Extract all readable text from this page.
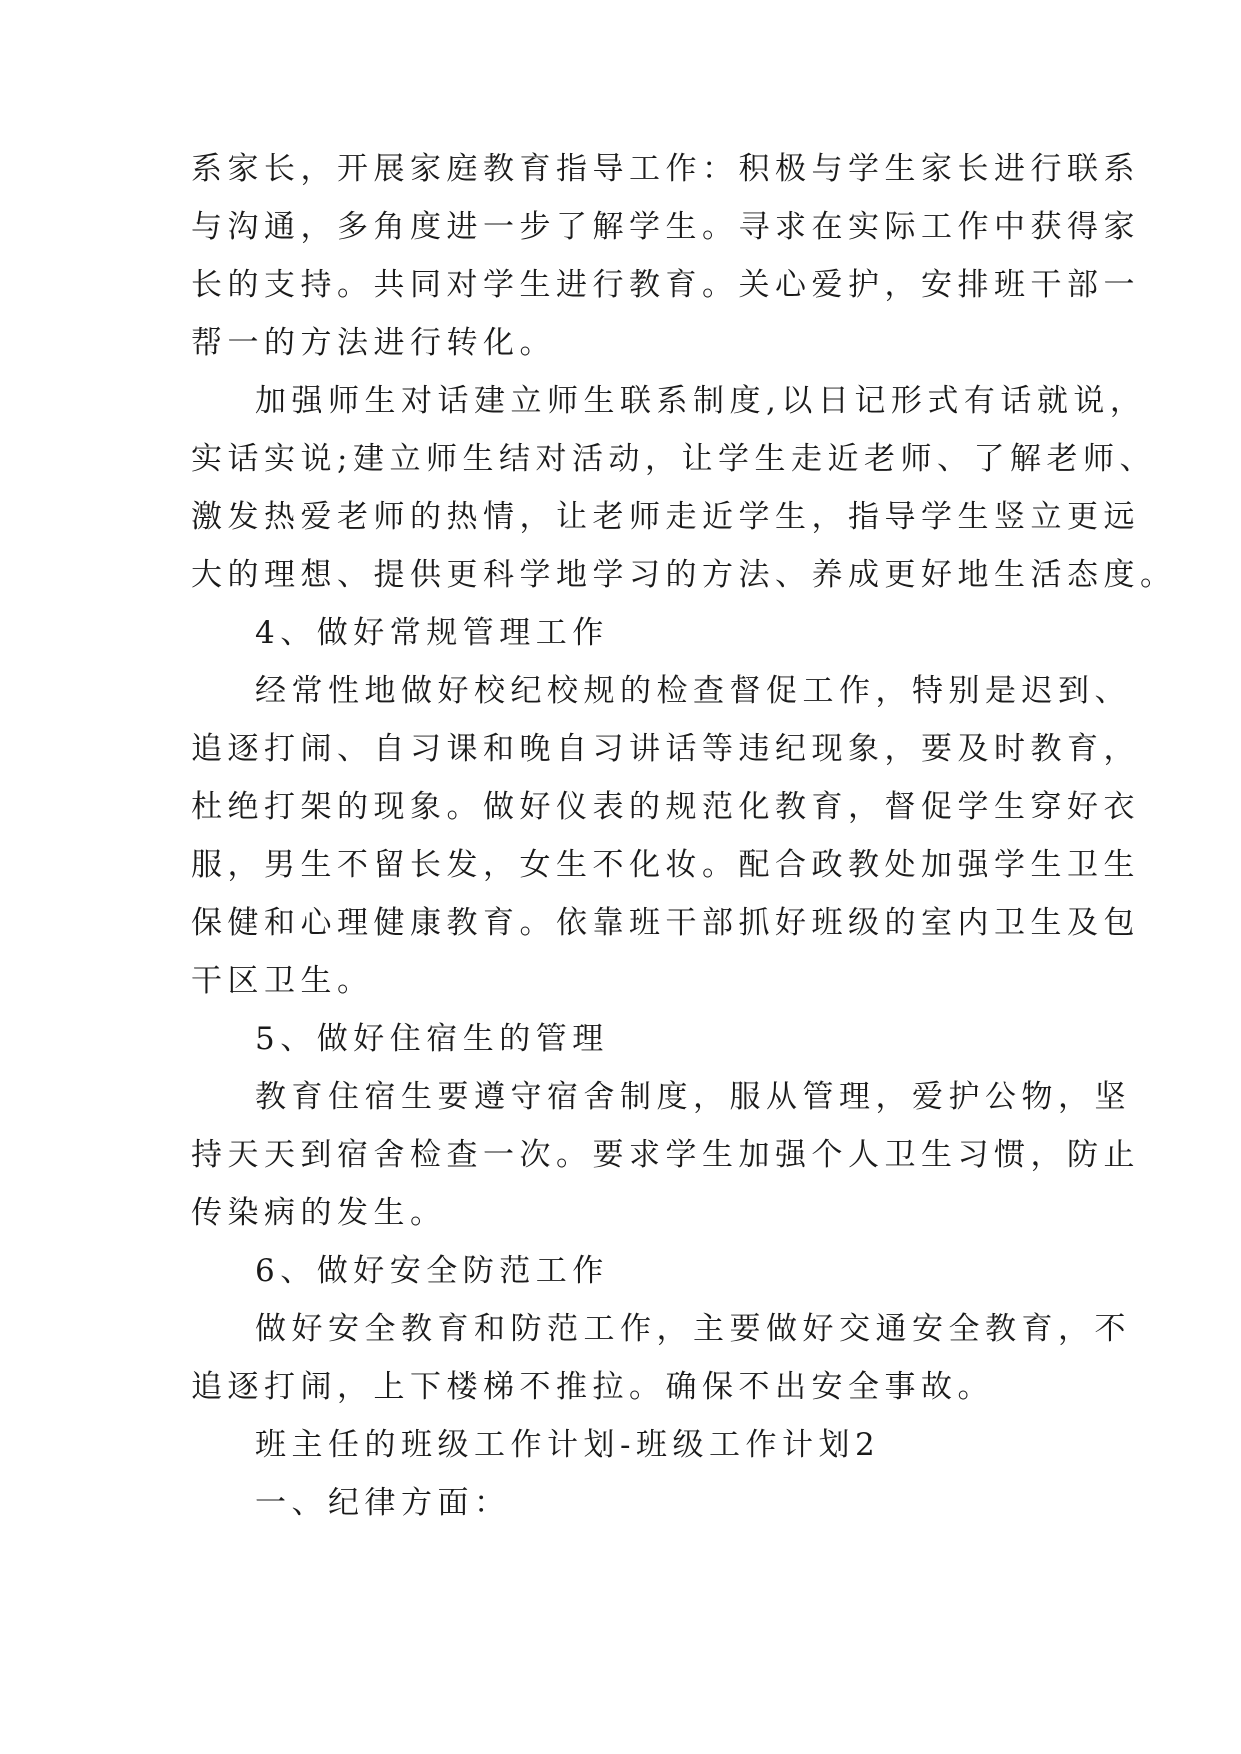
系家长，开展家庭教育指导工作：积极与学生家长进行联系
与沟通，多角度进一步了解学生。寻求在实际工作中获得家
长的支持。共同对学生进行教育。关心爱护，安排班干部一
帮一的方法进行转化。
加强师生对话建立师生联系制度,以日记形式有话就说，
实话实说;建立师生结对活动，让学生走近老师、了解老师、
激发热爱老师的热情，让老师走近学生，指导学生竖立更远
大的理想、提供更科学地学习的方法、养成更好地生活态度。
4、做好常规管理工作
经常性地做好校纪校规的检查督促工作，特别是迟到、
追逐打闹、自习课和晚自习讲话等违纪现象，要及时教育，
杜绝打架的现象。做好仪表的规范化教育，督促学生穿好衣
服，男生不留长发，女生不化妆。配合政教处加强学生卫生
保健和心理健康教育。依靠班干部抓好班级的室内卫生及包
干区卫生。
5、做好住宿生的管理
教育住宿生要遵守宿舍制度，服从管理，爱护公物，坚
持天天到宿舍检查一次。要求学生加强个人卫生习惯，防止
传染病的发生。
6、做好安全防范工作
做好安全教育和防范工作，主要做好交通安全教育，不
追逐打闹，上下楼梯不推拉。确保不出安全事故。
班主任的班级工作计划-班级工作计划2
一、纪律方面：
